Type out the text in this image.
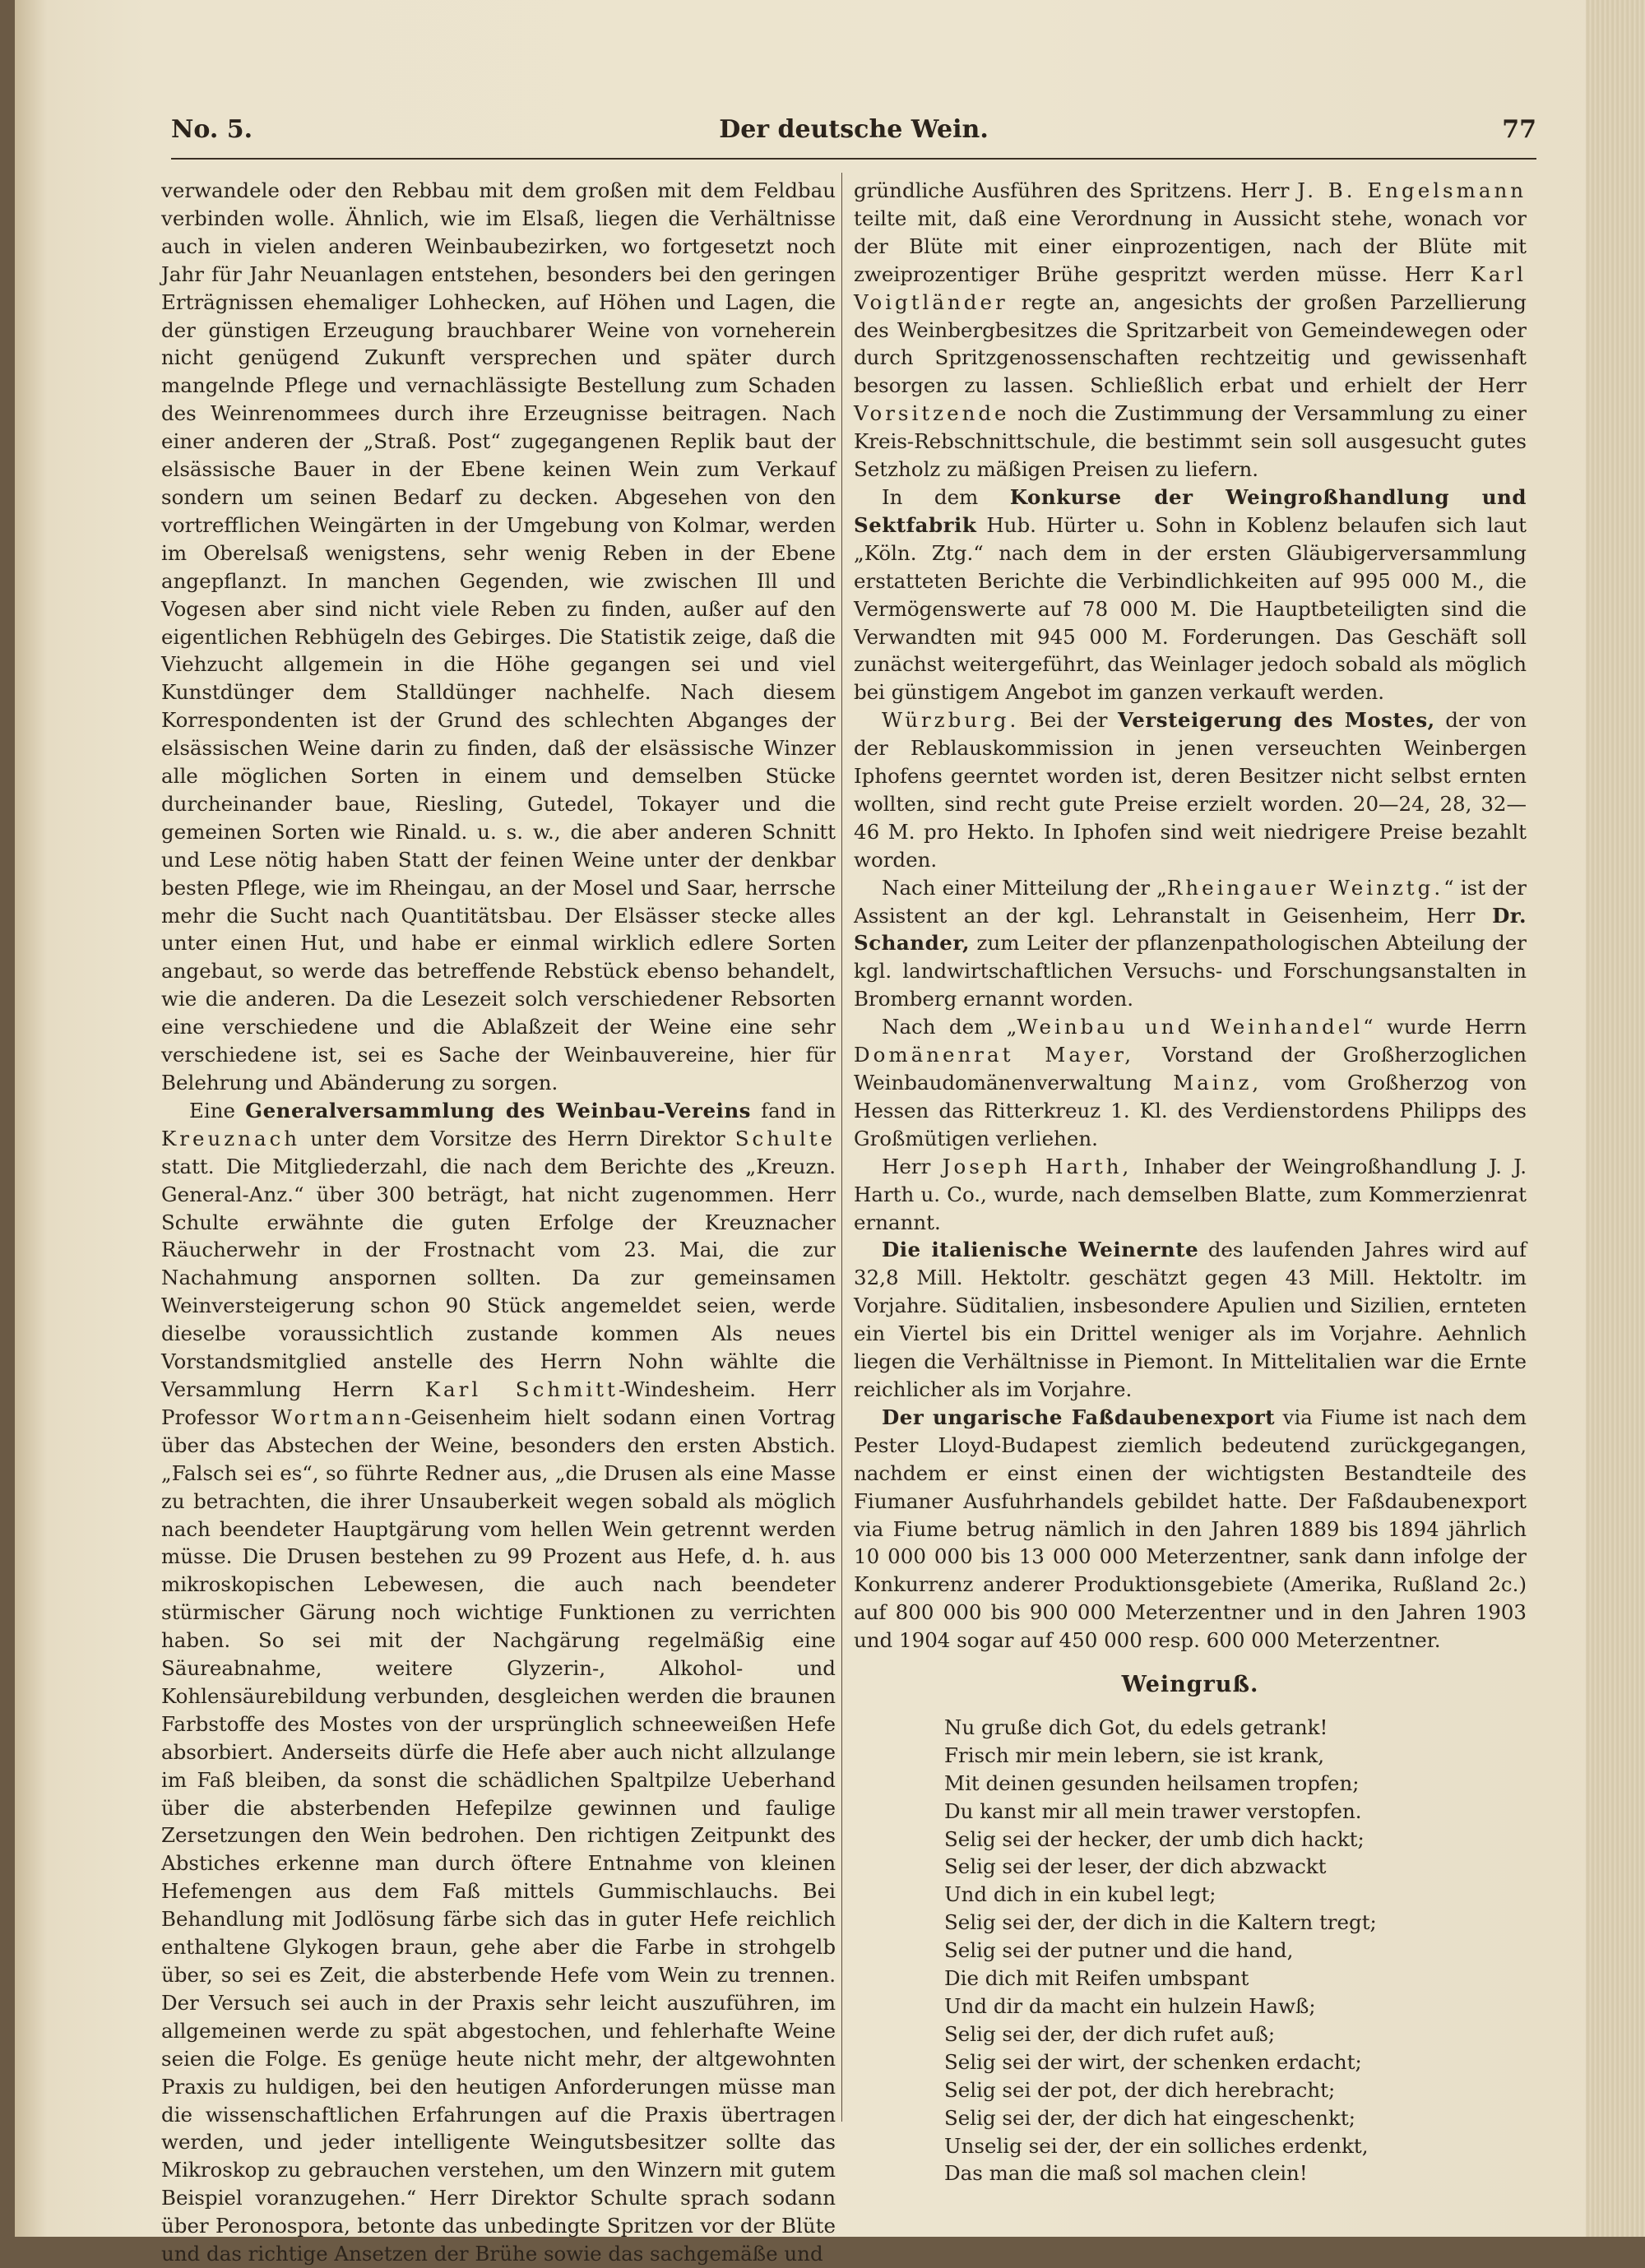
No. 5.	Der deutsche Wein.	77

verwandele oder den Rebbau mit dem großen mit dem Feldbau verbinden wolle. Ähnlich, wie im Elsaß, liegen die Verhältnisse auch in vielen anderen Weinbaubezirken, wo fortgesetzt noch Jahr für Jahr Neuanlagen entstehen, besonders bei den geringen Erträgnissen ehemaliger Lohhecken, auf Höhen und Lagen, die der günstigen Erzeugung brauchbarer Weine von vorneherein nicht genügend Zukunft versprechen und später durch mangelnde Pflege und vernachlässigte Bestellung zum Schaden des Weinrenommees durch ihre Erzeugnisse beitragen. Nach einer anderen der „Straß. Post“ zugegangenen Replik baut der elsässische Bauer in der Ebene keinen Wein zum Verkauf sondern um seinen Bedarf zu decken. Abgesehen von den vortrefflichen Weingärten in der Umgebung von Kolmar, werden im Oberelsaß wenigstens, sehr wenig Reben in der Ebene angepflanzt. In manchen Gegenden, wie zwischen Ill und Vogesen aber sind nicht viele Reben zu finden, außer auf den eigentlichen Rebhügeln des Gebirges. Die Statistik zeige, daß die Viehzucht allgemein in die Höhe gegangen sei und viel Kunstdünger dem Stalldünger nachhelfe. Nach diesem Korrespondenten ist der Grund des schlechten Abganges der elsässischen Weine darin zu finden, daß der elsässische Winzer alle möglichen Sorten in einem und demselben Stücke durcheinander baue, Riesling, Gutedel, Tokayer und die gemeinen Sorten wie Rinald. u. s. w., die aber anderen Schnitt und Lese nötig haben Statt der feinen Weine unter der denkbar besten Pflege, wie im Rheingau, an der Mosel und Saar, herrsche mehr die Sucht nach Quantitätsbau. Der Elsässer stecke alles unter einen Hut, und habe er einmal wirklich edlere Sorten angebaut, so werde das betreffende Rebstück ebenso behandelt, wie die anderen. Da die Lesezeit solch verschiedener Rebsorten eine verschiedene und die Ablaßzeit der Weine eine sehr verschiedene ist, sei es Sache der Weinbauvereine, hier für Belehrung und Abänderung zu sorgen.

Eine Generalversammlung des Weinbau-Vereins fand in Kreuznach unter dem Vorsitze des Herrn Direktor Schulte statt. Die Mitgliederzahl, die nach dem Berichte des „Kreuzn. General-Anz.“ über 300 beträgt, hat nicht zugenommen. Herr Schulte erwähnte die guten Erfolge der Kreuznacher Räucherwehr in der Frostnacht vom 23. Mai, die zur Nachahmung anspornen sollten. Da zur gemeinsamen Weinversteigerung schon 90 Stück angemeldet seien, werde dieselbe voraussichtlich zustande kommen Als neues Vorstandsmitglied anstelle des Herrn Nohn wählte die Versammlung Herrn Karl Schmitt-Windesheim. Herr Professor Wortmann-Geisenheim hielt sodann einen Vortrag über das Abstechen der Weine, besonders den ersten Abstich. „Falsch sei es“, so führte Redner aus, „die Drusen als eine Masse zu betrachten, die ihrer Unsauberkeit wegen sobald als möglich nach beendeter Hauptgärung vom hellen Wein getrennt werden müsse. Die Drusen bestehen zu 99 Prozent aus Hefe, d. h. aus mikroskopischen Lebewesen, die auch nach beendeter stürmischer Gärung noch wichtige Funktionen zu verrichten haben. So sei mit der Nachgärung regelmäßig eine Säureabnahme, weitere Glyzerin-, Alkohol- und Kohlensäurebildung verbunden, desgleichen werden die braunen Farbstoffe des Mostes von der ursprünglich schneeweißen Hefe absorbiert. Anderseits dürfe die Hefe aber auch nicht allzulange im Faß bleiben, da sonst die schädlichen Spaltpilze Ueberhand über die absterbenden Hefepilze gewinnen und faulige Zersetzungen den Wein bedrohen. Den richtigen Zeitpunkt des Abstiches erkenne man durch öftere Entnahme von kleinen Hefemengen aus dem Faß mittels Gummischlauchs. Bei Behandlung mit Jodlösung färbe sich das in guter Hefe reichlich enthaltene Glykogen braun, gehe aber die Farbe in strohgelb über, so sei es Zeit, die absterbende Hefe vom Wein zu trennen. Der Versuch sei auch in der Praxis sehr leicht auszuführen, im allgemeinen werde zu spät abgestochen, und fehlerhafte Weine seien die Folge. Es genüge heute nicht mehr, der altgewohnten Praxis zu huldigen, bei den heutigen Anforderungen müsse man die wissenschaftlichen Erfahrungen auf die Praxis übertragen werden, und jeder intelligente Weingutsbesitzer sollte das Mikroskop zu gebrauchen verstehen, um den Winzern mit gutem Beispiel voranzugehen.“ Herr Direktor Schulte sprach sodann über Peronospora, betonte das unbedingte Spritzen vor der Blüte und das richtige Ansetzen der Brühe sowie das sachgemäße und

gründliche Ausführen des Spritzens. Herr J. B. Engelsmann teilte mit, daß eine Verordnung in Aussicht stehe, wonach vor der Blüte mit einer einprozentigen, nach der Blüte mit zweiprozentiger Brühe gespritzt werden müsse. Herr Karl Voigtländer regte an, angesichts der großen Parzellierung des Weinbergbesitzes die Spritzarbeit von Gemeindewegen oder durch Spritzgenossenschaften rechtzeitig und gewissenhaft besorgen zu lassen. Schließlich erbat und erhielt der Herr Vorsitzende noch die Zustimmung der Versammlung zu einer Kreis-Rebschnittschule, die bestimmt sein soll ausgesucht gutes Setzholz zu mäßigen Preisen zu liefern.

In dem Konkurse der Weingroßhandlung und Sektfabrik Hub. Hürter u. Sohn in Koblenz belaufen sich laut „Köln. Ztg.“ nach dem in der ersten Gläubigerversammlung erstatteten Berichte die Verbindlichkeiten auf 995 000 M., die Vermögenswerte auf 78 000 M. Die Hauptbeteiligten sind die Verwandten mit 945 000 M. Forderungen. Das Geschäft soll zunächst weitergeführt, das Weinlager jedoch sobald als möglich bei günstigem Angebot im ganzen verkauft werden.

Würzburg. Bei der Versteigerung des Mostes, der von der Reblauskommission in jenen verseuchten Weinbergen Iphofens geerntet worden ist, deren Besitzer nicht selbst ernten wollten, sind recht gute Preise erzielt worden. 20—24, 28, 32—46 M. pro Hekto. In Iphofen sind weit niedrigere Preise bezahlt worden.

Nach einer Mitteilung der „Rheingauer Weinztg.“ ist der Assistent an der kgl. Lehranstalt in Geisenheim, Herr Dr. Schander, zum Leiter der pflanzenpathologischen Abteilung der kgl. landwirtschaftlichen Versuchs- und Forschungsanstalten in Bromberg ernannt worden.

Nach dem „Weinbau und Weinhandel“ wurde Herrn Domänenrat Mayer, Vorstand der Großherzoglichen Weinbaudomänenverwaltung Mainz, vom Großherzog von Hessen das Ritterkreuz 1. Kl. des Verdienstordens Philipps des Großmütigen verliehen.

Herr Joseph Harth, Inhaber der Weingroßhandlung J. J. Harth u. Co., wurde, nach demselben Blatte, zum Kommerzienrat ernannt.

Die italienische Weinernte des laufenden Jahres wird auf 32,8 Mill. Hektoltr. geschätzt gegen 43 Mill. Hektoltr. im Vorjahre. Süditalien, insbesondere Apulien und Sizilien, ernteten ein Viertel bis ein Drittel weniger als im Vorjahre. Aehnlich liegen die Verhältnisse in Piemont. In Mittelitalien war die Ernte reichlicher als im Vorjahre.

Der ungarische Faßdaubenexport via Fiume ist nach dem Pester Lloyd-Budapest ziemlich bedeutend zurückgegangen, nachdem er einst einen der wichtigsten Bestandteile des Fiumaner Ausfuhrhandels gebildet hatte. Der Faßdaubenexport via Fiume betrug nämlich in den Jahren 1889 bis 1894 jährlich 10 000 000 bis 13 000 000 Meterzentner, sank dann infolge der Konkurrenz anderer Produktionsgebiete (Amerika, Rußland 2c.) auf 800 000 bis 900 000 Meterzentner und in den Jahren 1903 und 1904 sogar auf 450 000 resp. 600 000 Meterzentner.

Weingruß.
Nu gruße dich Got, du edels getrank!
Frisch mir mein lebern, sie ist krank,
Mit deinen gesunden heilsamen tropfen;
Du kanst mir all mein trawer verstopfen.
Selig sei der hecker, der umb dich hackt;
Selig sei der leser, der dich abzwackt
Und dich in ein kubel legt;
Selig sei der, der dich in die Kaltern tregt;
Selig sei der putner und die hand,
Die dich mit Reifen umbspant
Und dir da macht ein hulzein Hawß;
Selig sei der, der dich rufet auß;
Selig sei der wirt, der schenken erdacht;
Selig sei der pot, der dich herebracht;
Selig sei der, der dich hat eingeschenkt;
Unselig sei der, der ein solliches erdenkt,
Das man die maß sol machen clein!
